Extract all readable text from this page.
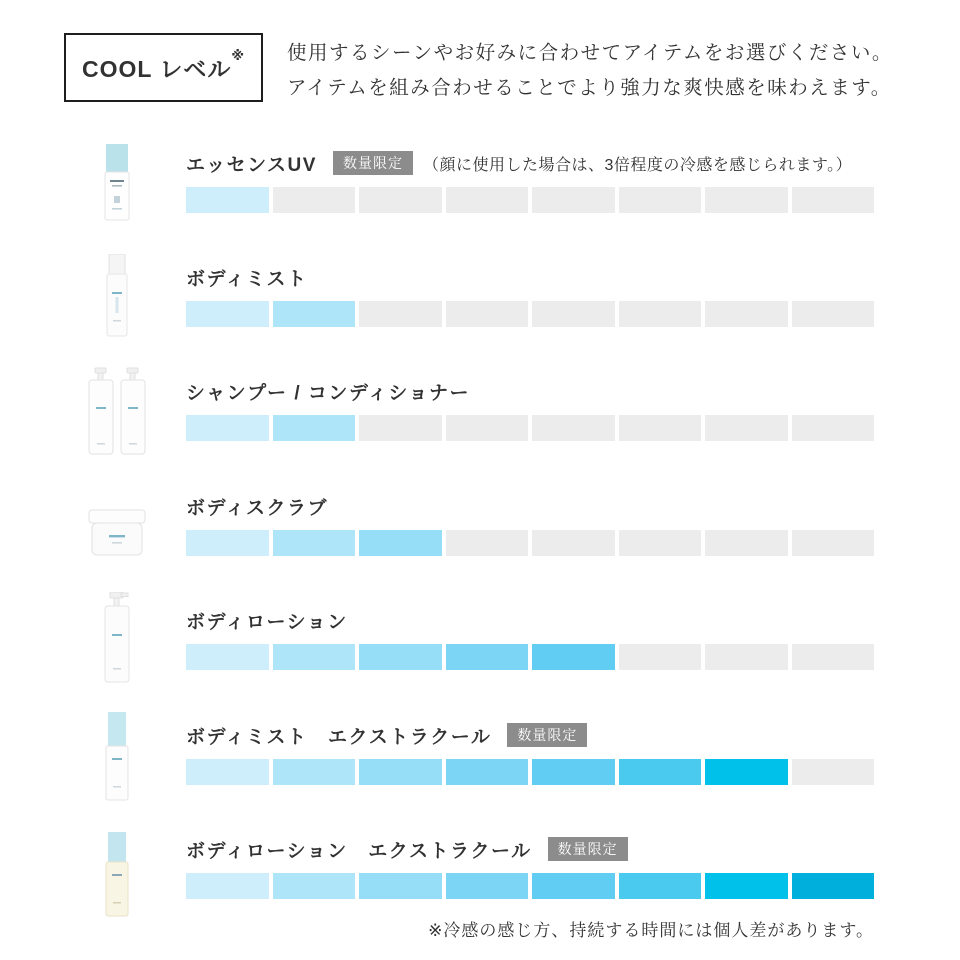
COOL レベル※ 使用するシーンやお好みに合わせてアイテムをお選びください。
アイテムを組み合わせることでより強力な爽快感を味わえます。
エッセンスUV	数量限定	（顔に使用した場合は、3倍程度の冷感を感じられます。）
ボディミスト
シャンプー / コンディショナー
ボディスクラブ
ボディローション
ボディミスト　エクストラクール	数量限定
ボディローション　エクストラクール	数量限定
※冷感の感じ方、持続する時間には個人差があります。
